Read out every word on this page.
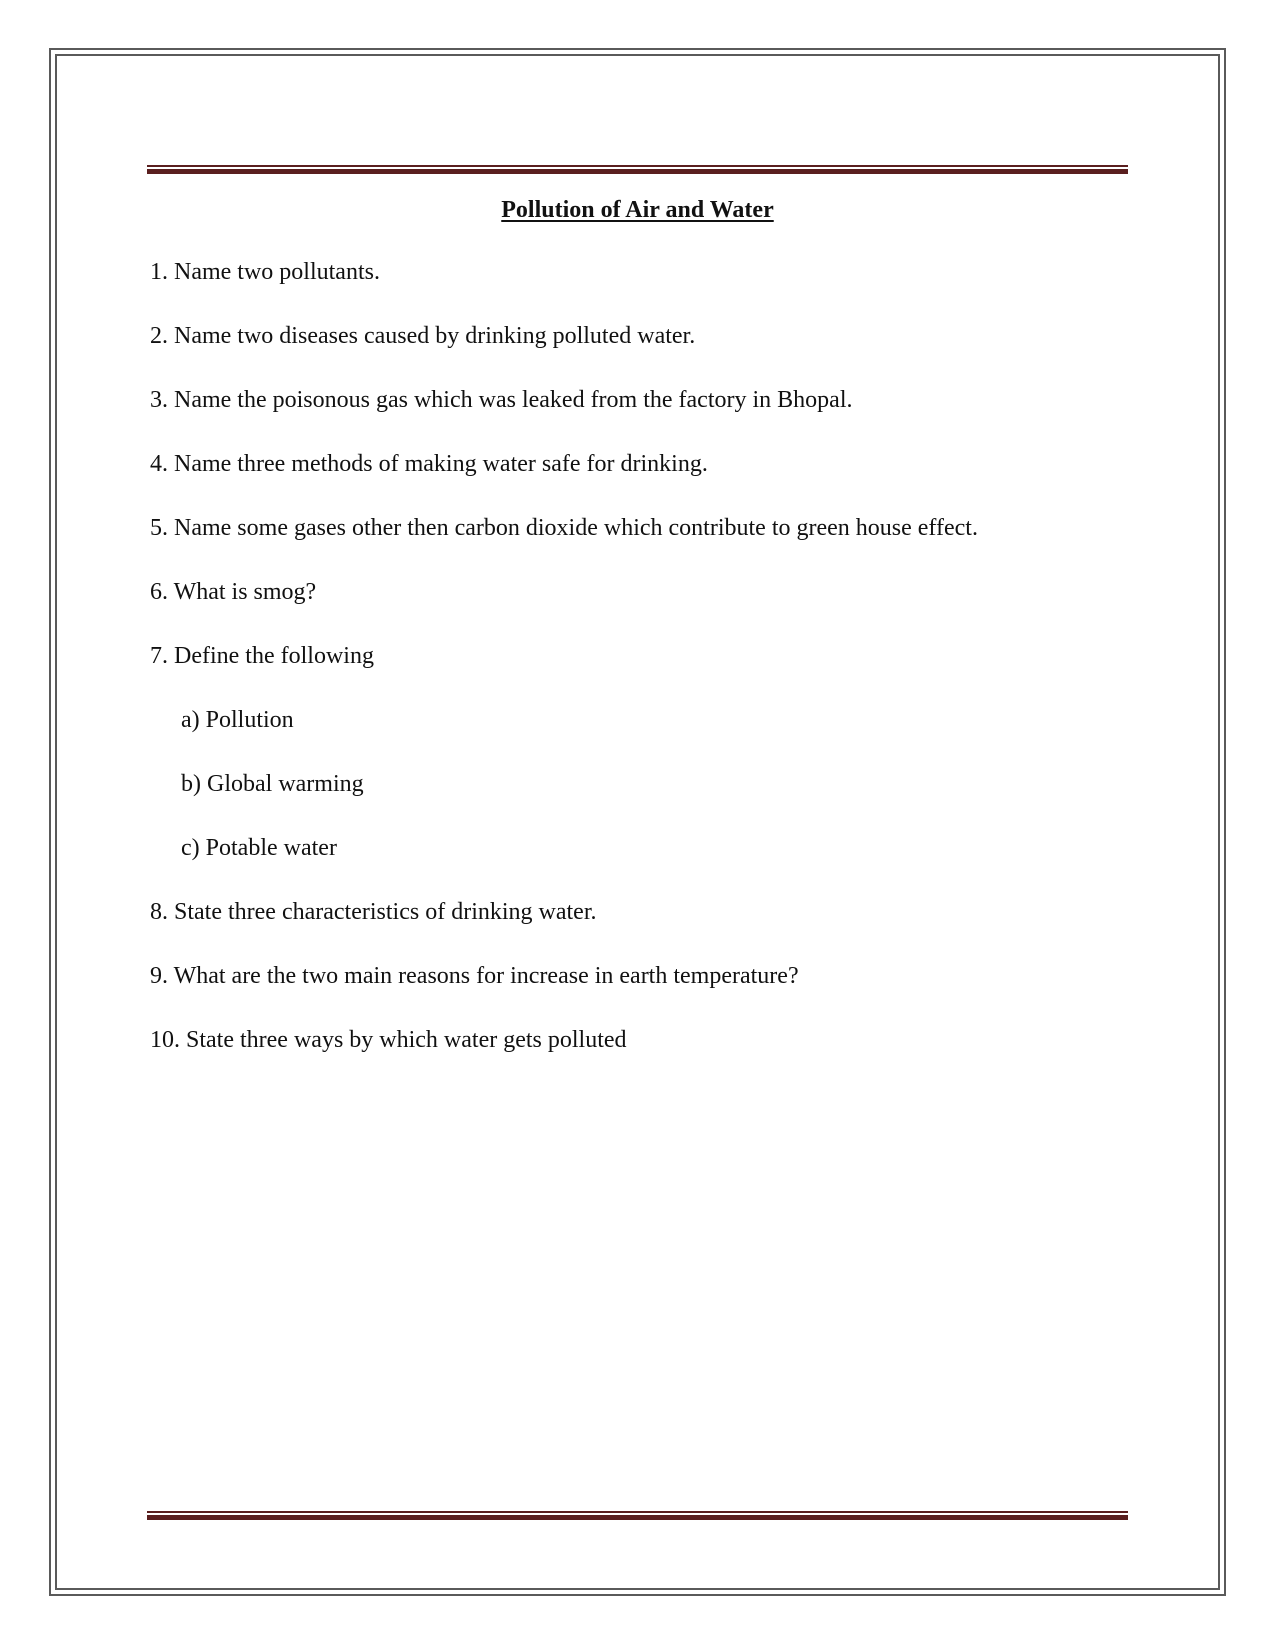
Pollution of Air and Water
1. Name two pollutants.
2. Name two diseases caused by drinking polluted water.
3. Name the poisonous gas which was leaked from the factory in Bhopal.
4. Name three methods of making water safe for drinking.
5. Name some gases other then carbon dioxide which contribute to green house effect.
6. What is smog?
7. Define the following
a) Pollution
b) Global warming
c) Potable water
8. State three characteristics of drinking water.
9. What are the two main reasons for increase in earth temperature?
10. State three ways by which water gets polluted
